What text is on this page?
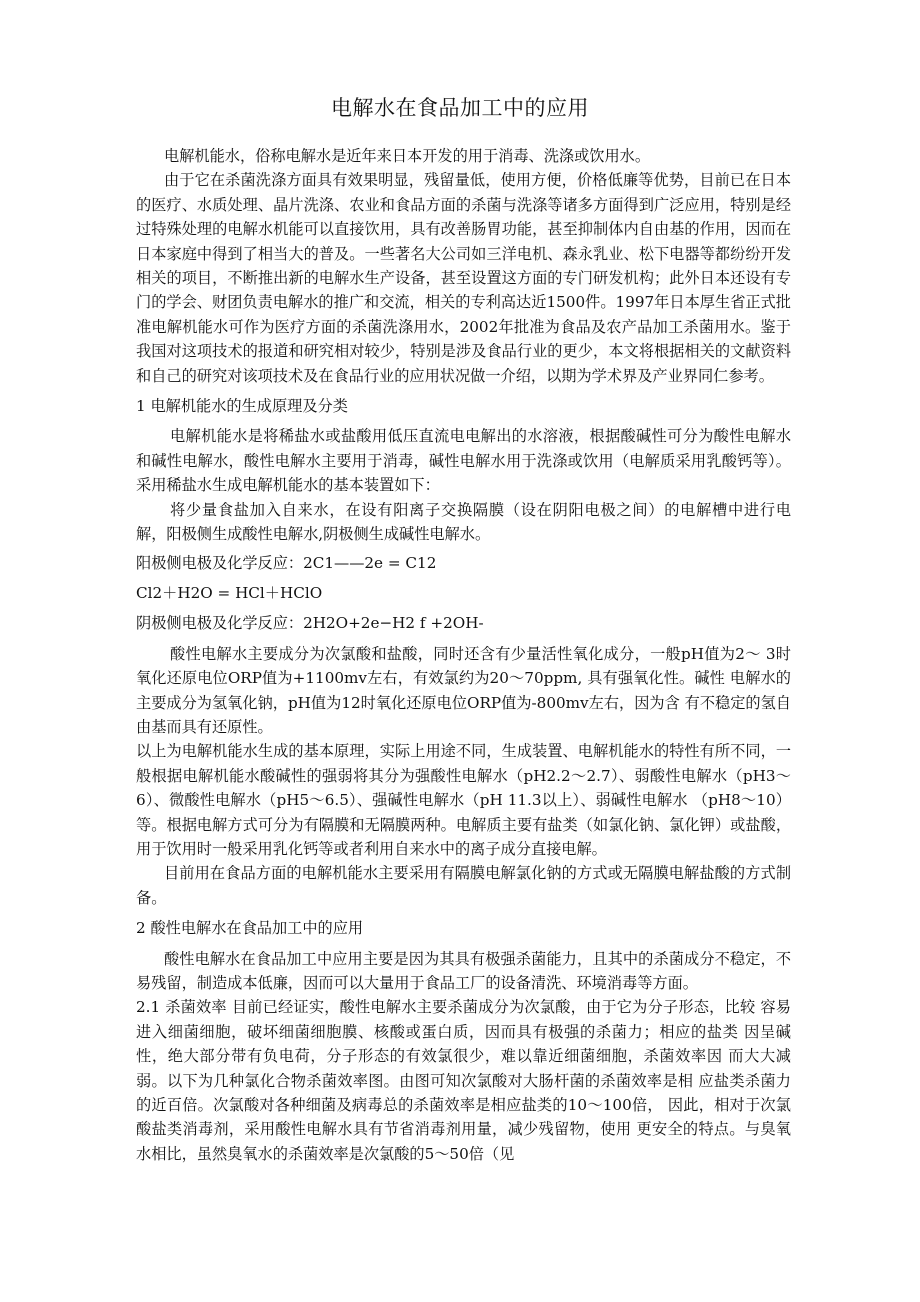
电解水在食品加工中的应用

电解机能水，俗称电解水是近年来日本开发的用于消毒、洗涤或饮用水。

由于它在杀菌洗涤方面具有效果明显，残留量低，使用方便，价格低廉等优势，目前已在日本的医疗、水质处理、晶片洗涤、农业和食品方面的杀菌与洗涤等诸多方面得到广泛应用，特别是经过特殊处理的电解水机能可以直接饮用，具有改善肠胃功能，甚至抑制体内自由基的作用，因而在日本家庭中得到了相当大的普及。一些著名大公司如三洋电机、森永乳业、松下电器等都纷纷开发相关的项目，不断推出新的电解水生产设备，甚至设置这方面的专门研发机构；此外日本还设有专门的学会、财团负责电解水的推广和交流，相关的专利高达近1500件。1997年日本厚生省正式批准电解机能水可作为医疗方面的杀菌洗涤用水，2002年批准为食品及农产品加工杀菌用水。鉴于我国对这项技术的报道和研究相对较少，特别是涉及食品行业的更少，本文将根据相关的文献资料和自己的研究对该项技术及在食品行业的应用状况做一介绍，以期为学术界及产业界同仁参考。

1 电解机能水的生成原理及分类

电解机能水是将稀盐水或盐酸用低压直流电电解出的水溶液，根据酸碱性可分为酸性电解水和碱性电解水，酸性电解水主要用于消毒，碱性电解水用于洗涤或饮用（电解质采用乳酸钙等）。采用稀盐水生成电解机能水的基本装置如下：

将少量食盐加入自来水，在设有阳离子交换隔膜（设在阴阳电极之间）的电解槽中进行电解，阳极侧生成酸性电解水,阴极侧生成碱性电解水。

阳极侧电极及化学反应：2C1——2e = C12

Cl2＋H2O = HCl＋HClO

阴极侧电极及化学反应：2H2O+2e−H2 f +2OH-

酸性电解水主要成分为次氯酸和盐酸，同时还含有少量活性氧化成分，一般pH值为2～ 3时氧化还原电位ORP值为+1100mv左右，有效氯约为20～70ppm, 具有强氧化性。碱性 电解水的主要成分为氢氧化钠，pH值为12时氧化还原电位ORP值为-800mv左右，因为含 有不稳定的氢自由基而具有还原性。

以上为电解机能水生成的基本原理，实际上用途不同，生成装置、电解机能水的特性有所不同，一般根据电解机能水酸碱性的强弱将其分为强酸性电解水（pH2.2～2.7）、弱酸性电解水（pH3～6）、微酸性电解水（pH5～6.5）、强碱性电解水（pH 11.3以上）、弱碱性电解水 （pH8～10）等。根据电解方式可分为有隔膜和无隔膜两种。电解质主要有盐类（如氯化钠、氯化钾）或盐酸，用于饮用时一般采用乳化钙等或者利用自来水中的离子成分直接电解。

目前用在食品方面的电解机能水主要采用有隔膜电解氯化钠的方式或无隔膜电解盐酸的方式制备。

2 酸性电解水在食品加工中的应用

酸性电解水在食品加工中应用主要是因为其具有极强杀菌能力，且其中的杀菌成分不稳定，不易残留，制造成本低廉，因而可以大量用于食品工厂的设备清洗、环境消毒等方面。

2.1 杀菌效率 目前已经证实，酸性电解水主要杀菌成分为次氯酸，由于它为分子形态，比较 容易进入细菌细胞，破坏细菌细胞膜、核酸或蛋白质，因而具有极强的杀菌力；相应的盐类 因呈碱性，绝大部分带有负电荷，分子形态的有效氯很少，难以靠近细菌细胞，杀菌效率因 而大大减弱。以下为几种氯化合物杀菌效率图。由图可知次氯酸对大肠杆菌的杀菌效率是相 应盐类杀菌力的近百倍。次氯酸对各种细菌及病毒总的杀菌效率是相应盐类的10～100倍， 因此，相对于次氯酸盐类消毒剂，采用酸性电解水具有节省消毒剂用量，减少残留物，使用 更安全的特点。与臭氧水相比，虽然臭氧水的杀菌效率是次氯酸的5～50倍（见
